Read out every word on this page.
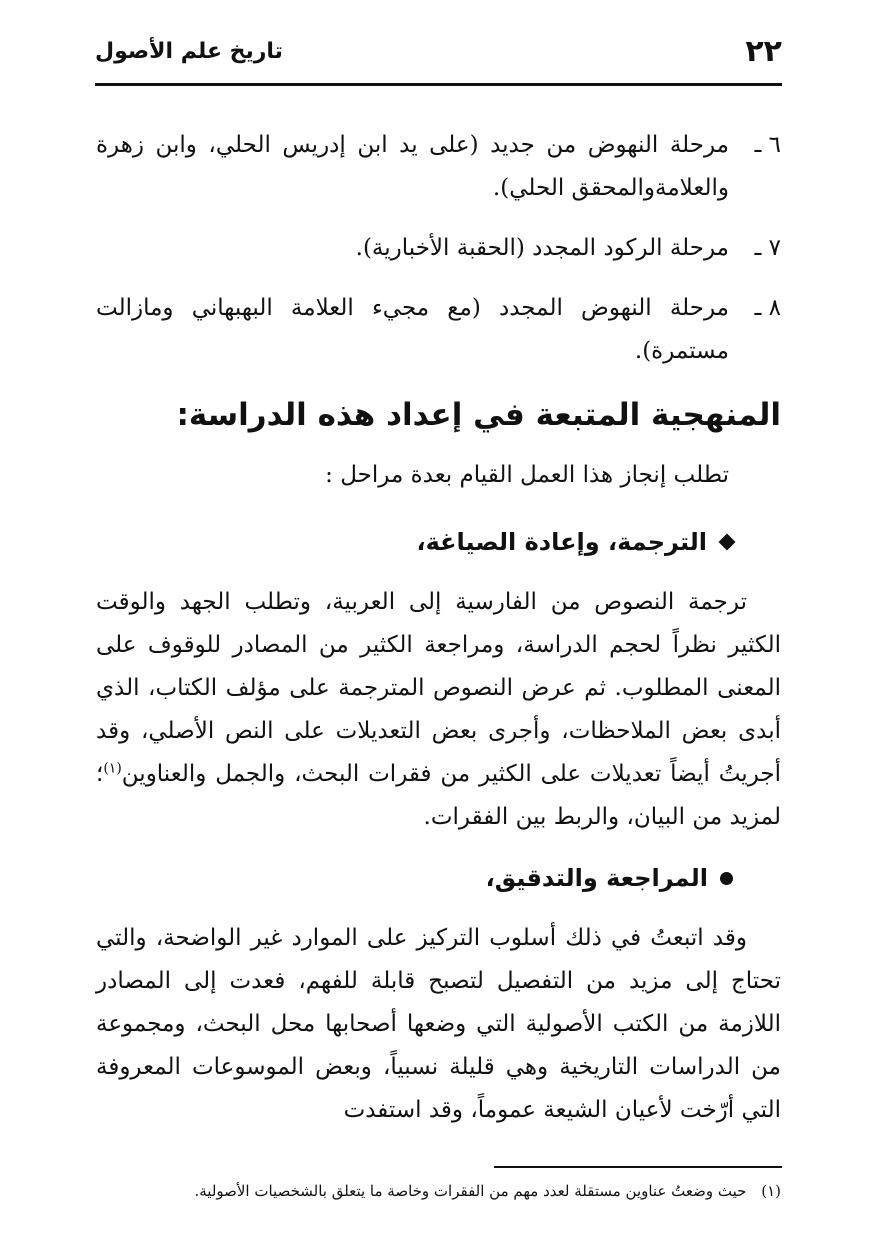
٢٢
تاريخ علم الأصول
٦ ـ
مرحلة النهوض من جديد (على يد ابن إدريس الحلي، وابن زهرة والعلامةوالمحقق الحلي).
٧ ـ
مرحلة الركود المجدد (الحقبة الأخبارية).
٨ ـ
مرحلة النهوض المجدد (مع مجيء العلامة البهبهاني ومازالت مستمرة).
المنهجية المتبعة في إعداد هذه الدراسة:

تطلب إنجاز هذا العمل القيام بعدة مراحل :

الترجمة، وإعادة الصياغة،

ترجمة النصوص من الفارسية إلى العربية، وتطلب الجهد والوقت الكثير نظراً لحجم الدراسة، ومراجعة الكثير من المصادر للوقوف على المعنى المطلوب. ثم عرض النصوص المترجمة على مؤلف الكتاب، الذي أبدى بعض الملاحظات، وأجرى بعض التعديلات على النص الأصلي، وقد أجريتُ أيضاً تعديلات على الكثير من فقرات البحث، والجمل والعناوين$^{(١)}$؛ لمزيد من البيان، والربط بين الفقرات.

المراجعة والتدقيق،

وقد اتبعتُ في ذلك أسلوب التركيز على الموارد غير الواضحة، والتي تحتاج إلى مزيد من التفصيل لتصبح قابلة للفهم، فعدت إلى المصادر اللازمة من الكتب الأصولية التي وضعها أصحابها محل البحث، ومجموعة من الدراسات التاريخية وهي قليلة نسبياً، وبعض الموسوعات المعروفة التي أرّخت لأعيان الشيعة عموماً، وقد استفدت

(١) حيث وضعتُ عناوين مستقلة لعدد مهم من الفقرات وخاصة ما يتعلق بالشخصيات الأصولية.
